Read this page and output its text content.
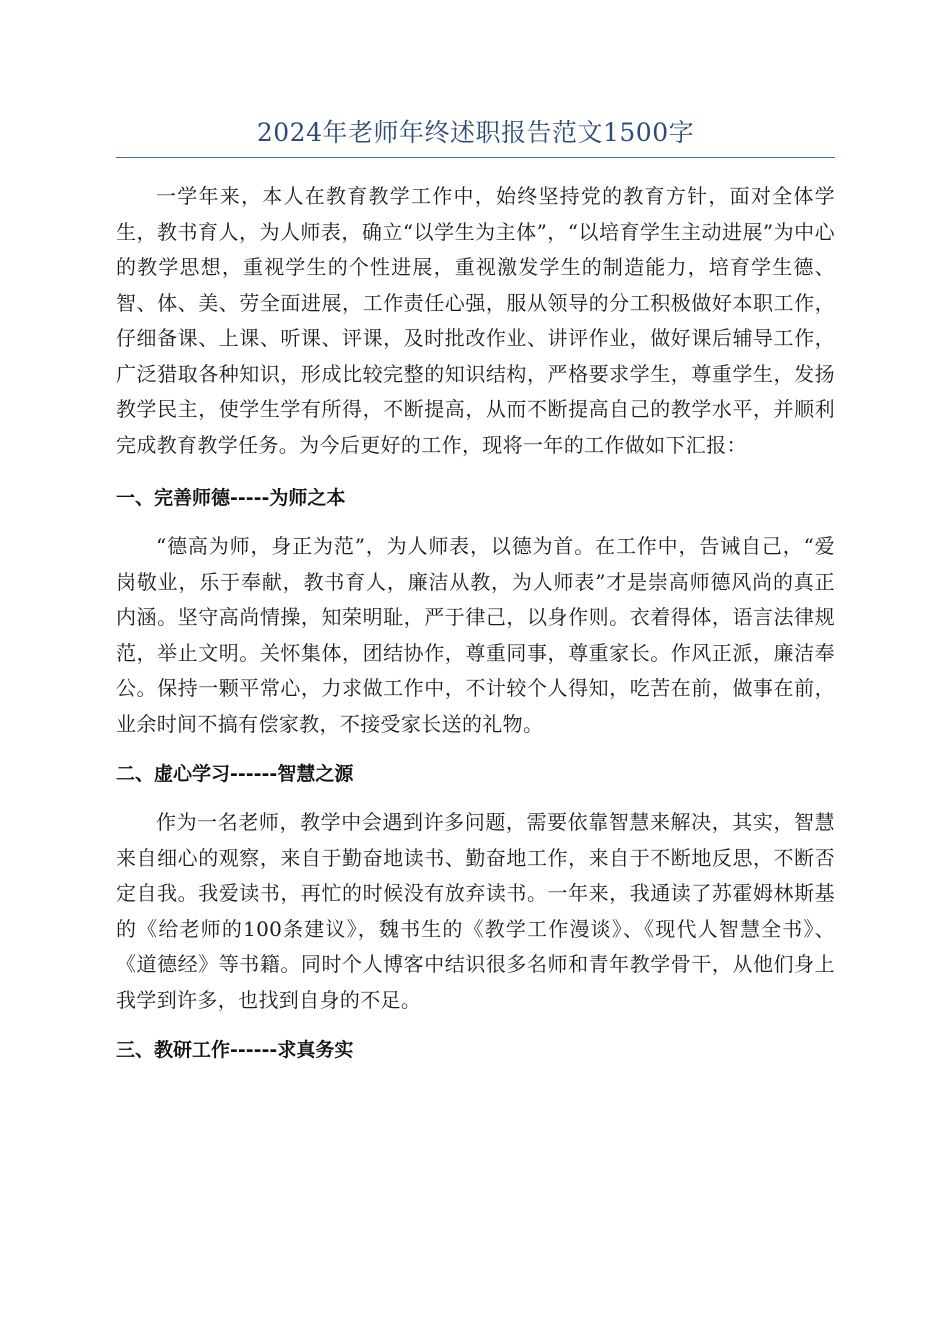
2024年老师年终述职报告范文1500字

一学年来，本人在教育教学工作中，始终坚持党的教育方针，面对全体学生，教书育人，为人师表，确立“以学生为主体”，“以培育学生主动进展”为中心的教学思想，重视学生的个性进展，重视激发学生的制造能力，培育学生德、智、体、美、劳全面进展，工作责任心强，服从领导的分工积极做好本职工作，仔细备课、上课、听课、评课，及时批改作业、讲评作业，做好课后辅导工作，广泛猎取各种知识，形成比较完整的知识结构，严格要求学生，尊重学生，发扬教学民主，使学生学有所得，不断提高，从而不断提高自己的教学水平，并顺利完成教育教学任务。为今后更好的工作，现将一年的工作做如下汇报：

一、完善师德-----为师之本

“德高为师，身正为范”，为人师表，以德为首。在工作中，告诫自己，“爱岗敬业，乐于奉献，教书育人，廉洁从教，为人师表”才是崇高师德风尚的真正内涵。坚守高尚情操，知荣明耻，严于律己，以身作则。衣着得体，语言法律规范，举止文明。关怀集体，团结协作，尊重同事，尊重家长。作风正派，廉洁奉公。保持一颗平常心，力求做工作中，不计较个人得知，吃苦在前，做事在前，业余时间不搞有偿家教，不接受家长送的礼物。

二、虚心学习------智慧之源

作为一名老师，教学中会遇到许多问题，需要依靠智慧来解决，其实，智慧来自细心的观察，来自于勤奋地读书、勤奋地工作，来自于不断地反思，不断否定自我。我爱读书，再忙的时候没有放弃读书。一年来，我通读了苏霍姆林斯基的《给老师的100条建议》，魏书生的《教学工作漫谈》、《现代人智慧全书》、《道德经》等书籍。同时个人博客中结识很多名师和青年教学骨干，从他们身上我学到许多，也找到自身的不足。

三、教研工作------求真务实
